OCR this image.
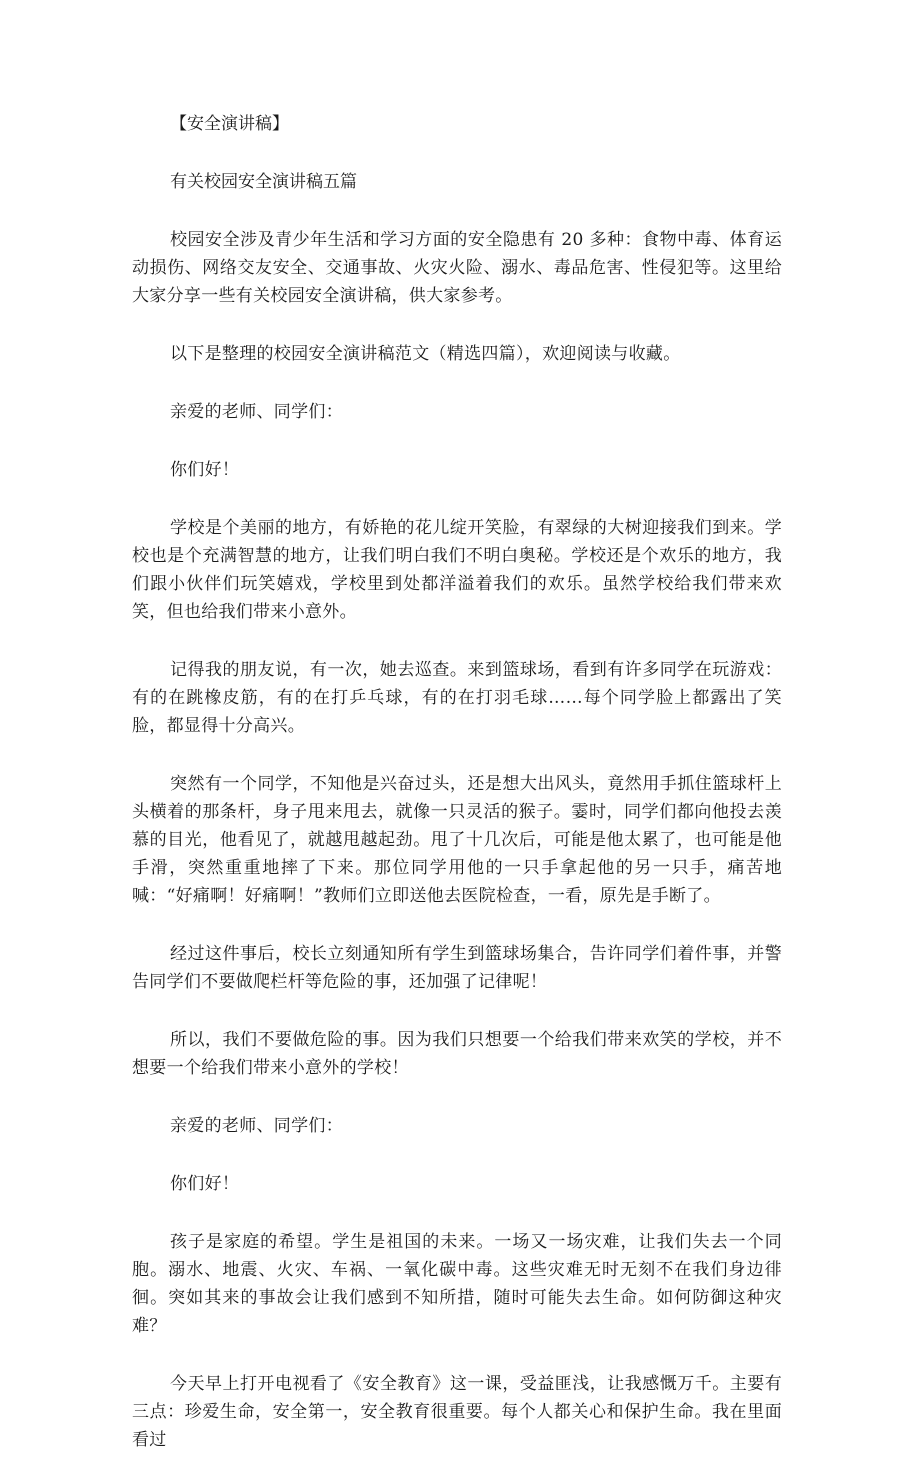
【安全演讲稿】

有关校园安全演讲稿五篇

校园安全涉及青少年生活和学习方面的安全隐患有 20 多种：食物中毒、体育运动损伤、网络交友安全、交通事故、火灾火险、溺水、毒品危害、性侵犯等。这里给大家分享一些有关校园安全演讲稿，供大家参考。

以下是整理的校园安全演讲稿范文（精选四篇），欢迎阅读与收藏。

亲爱的老师、同学们：

你们好！

学校是个美丽的地方，有娇艳的花儿绽开笑脸，有翠绿的大树迎接我们到来。学校也是个充满智慧的地方，让我们明白我们不明白奥秘。学校还是个欢乐的地方，我们跟小伙伴们玩笑嬉戏，学校里到处都洋溢着我们的欢乐。虽然学校给我们带来欢笑，但也给我们带来小意外。

记得我的朋友说，有一次，她去巡查。来到篮球场，看到有许多同学在玩游戏：有的在跳橡皮筋，有的在打乒乓球，有的在打羽毛球……每个同学脸上都露出了笑脸，都显得十分高兴。

突然有一个同学，不知他是兴奋过头，还是想大出风头，竟然用手抓住篮球杆上头横着的那条杆，身子甩来甩去，就像一只灵活的猴子。霎时，同学们都向他投去羡慕的目光，他看见了，就越甩越起劲。甩了十几次后，可能是他太累了，也可能是他手滑，突然重重地摔了下来。那位同学用他的一只手拿起他的另一只手，痛苦地喊：“好痛啊！好痛啊！”教师们立即送他去医院检查，一看，原先是手断了。

经过这件事后，校长立刻通知所有学生到篮球场集合，告许同学们着件事，并警告同学们不要做爬栏杆等危险的事，还加强了记律呢！

所以，我们不要做危险的事。因为我们只想要一个给我们带来欢笑的学校，并不想要一个给我们带来小意外的学校！

亲爱的老师、同学们：

你们好！

孩子是家庭的希望。学生是祖国的未来。一场又一场灾难，让我们失去一个同胞。溺水、地震、火灾、车祸、一氧化碳中毒。这些灾难无时无刻不在我们身边徘徊。突如其来的事故会让我们感到不知所措，随时可能失去生命。如何防御这种灾难？

今天早上打开电视看了《安全教育》这一课，受益匪浅，让我感慨万千。主要有三点：珍爱生命，安全第一，安全教育很重要。每个人都关心和保护生命。我在里面看过
